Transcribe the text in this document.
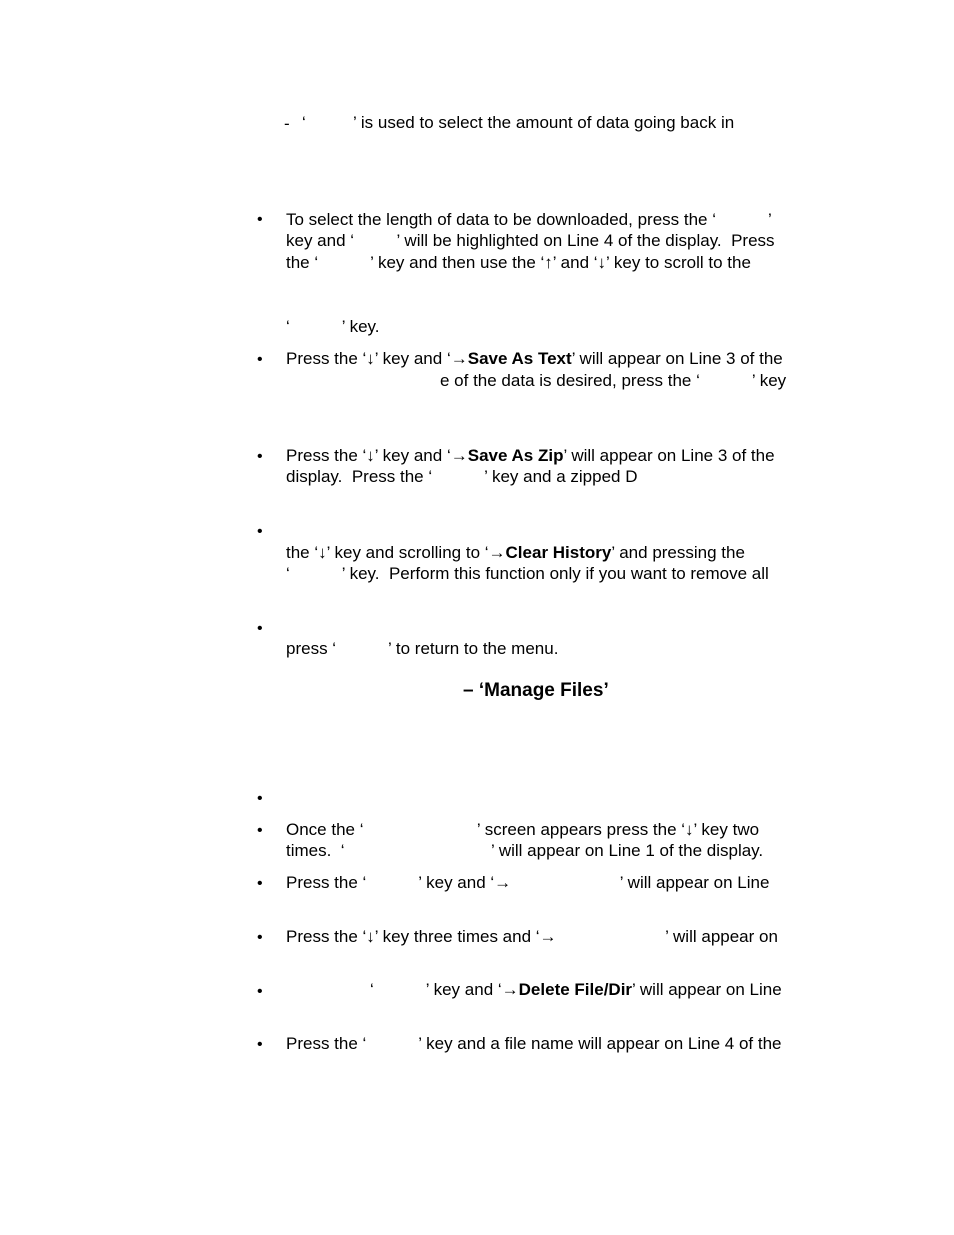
- ‘          ’ is used to select the amount of data going back in
•	To select the length of data to be downloaded, press the ‘           ’
key and ‘         ’ will be highlighted on Line 4 of the display.  Press
the ‘           ’ key and then use the ‘↑’ and ‘↓’ key to scroll to the
‘           ’ key.
•	Press the ‘↓’ key and ‘→Save As Text’ will appear on Line 3 of the
e of the data is desired, press the ‘           ’ key
•	Press the ‘↓’ key and ‘→Save As Zip’ will appear on Line 3 of the
display.  Press the ‘           ’ key and a zipped D
•
the ‘↓’ key and scrolling to ‘→Clear History’ and pressing the
‘           ’ key.  Perform this function only if you want to remove all
•
press ‘           ’ to return to the menu.
– ‘Manage Files’
•
•	Once the ‘                        ’ screen appears press the ‘↓’ key two
times.  ‘                               ’ will appear on Line 1 of the display.
•	Press the ‘           ’ key and ‘→                       ’ will appear on Line
•	Press the ‘↓’ key three times and ‘→                       ’ will appear on
•	‘           ’ key and ‘→Delete File/Dir’ will appear on Line
•	Press the ‘           ’ key and a file name will appear on Line 4 of the
